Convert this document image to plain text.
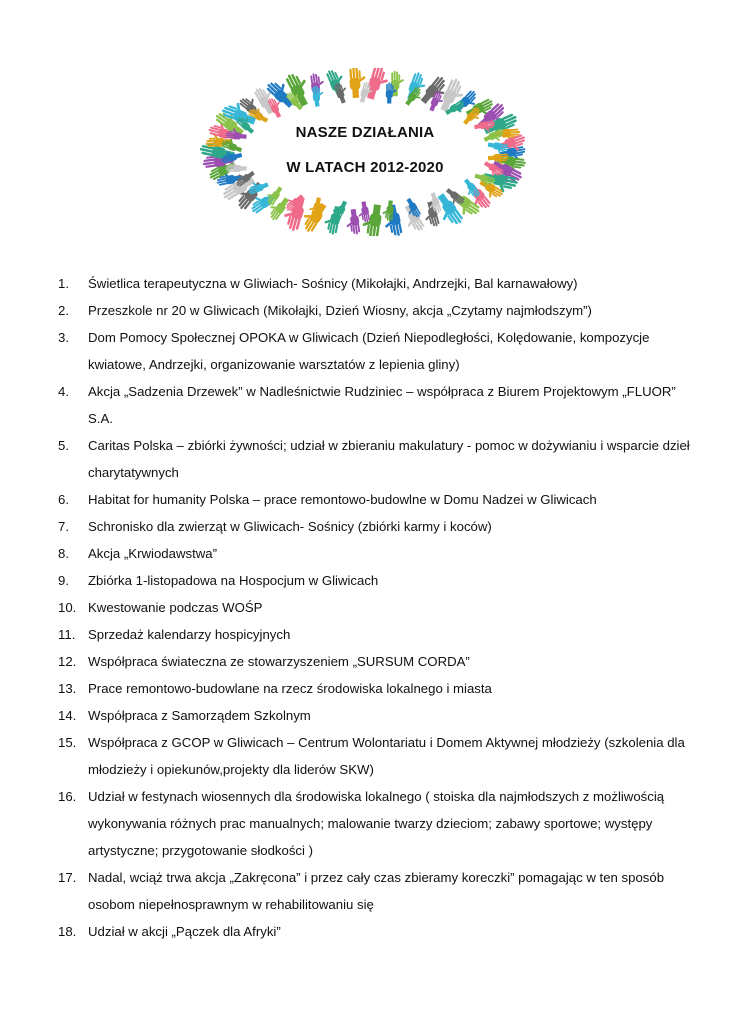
NASZE DZIAŁANIA
W LATACH 2012-2020
1. Świetlica terapeutyczna w Gliwiach- Sośnicy (Mikołajki, Andrzejki, Bal karnawałowy)
2. Przeszkole nr 20 w Gliwicach (Mikołajki, Dzień Wiosny, akcja „Czytamy najmłodszym”)
3. Dom Pomocy Społecznej OPOKA w Gliwicach (Dzień Niepodległości, Kolędowanie, kompozycje kwiatowe, Andrzejki, organizowanie warsztatów z lepienia gliny)
4. Akcja „Sadzenia Drzewek” w Nadleśnictwie Rudziniec – współpraca z Biurem Projektowym „FLUOR” S.A.
5. Caritas Polska – zbiórki żywności; udział w zbieraniu makulatury - pomoc w dożywianiu i wsparcie dzieł charytatywnych
6. Habitat for humanity Polska – prace remontowo-budowlne w Domu Nadzei w Gliwicach
7. Schronisko dla zwierząt w Gliwicach- Sośnicy (zbiórki karmy i koców)
8. Akcja „Krwiodawstwa”
9. Zbiórka 1-listopadowa na Hospocjum w Gliwicach
10. Kwestowanie podczas WOŚP
11. Sprzedaż kalendarzy hospicyjnych
12. Współpraca świateczna ze stowarzyszeniem „SURSUM CORDA”
13. Prace remontowo-budowlane na rzecz środowiska lokalnego i miasta
14. Współpraca z Samorządem Szkolnym
15. Współpraca z GCOP w Gliwicach – Centrum Wolontariatu i Domem Aktywnej młodzieży (szkolenia dla młodzieży i opiekunów,projekty dla liderów SKW)
16. Udział w festynach wiosennych dla środowiska lokalnego ( stoiska dla najmłodszych z możliwością wykonywania różnych prac manualnych; malowanie twarzy dzieciom; zabawy sportowe; występy artystyczne; przygotowanie słodkości )
17. Nadal, wciąż trwa akcja „Zakręcona” i przez cały czas zbieramy koreczki” pomagając w ten sposób osobom niepełnosprawnym w rehabilitowaniu się
18. Udział w akcji „Pączek dla Afryki”
